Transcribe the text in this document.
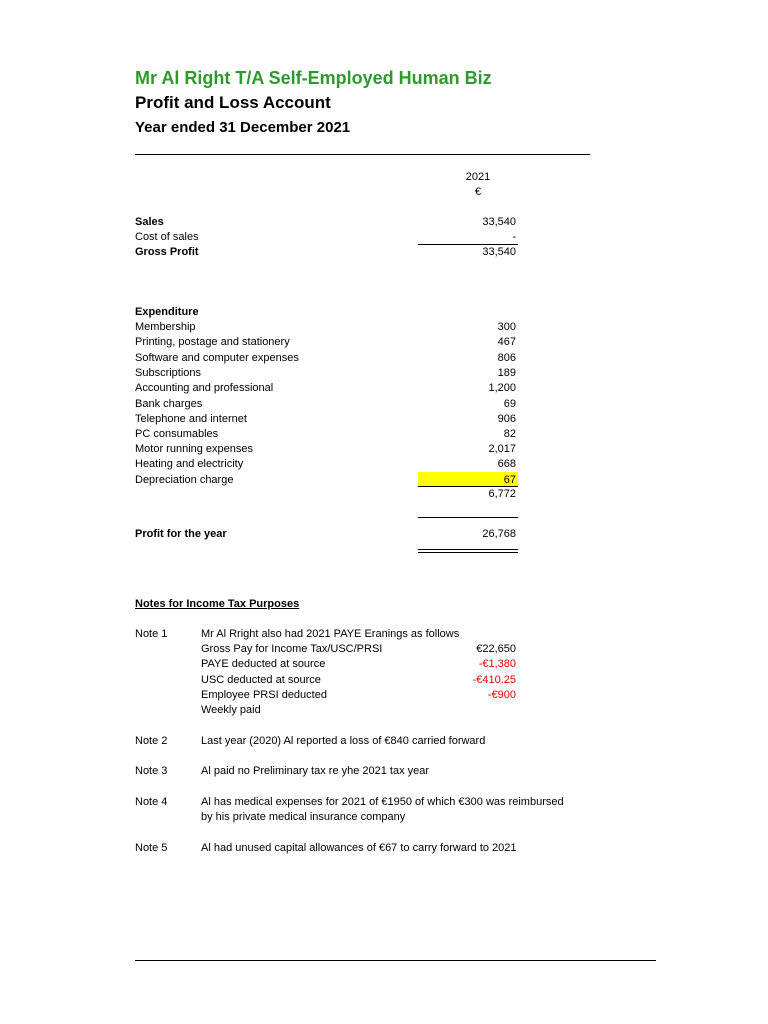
Mr Al Right T/A Self-Employed Human Biz
Profit and Loss Account
Year ended 31 December 2021
2021
€
Sales	33,540
Cost of sales	-
Gross Profit	33,540
Expenditure
Membership	300
Printing, postage and stationery	467
Software and computer expenses	806
Subscriptions	189
Accounting and professional	1,200
Bank charges	69
Telephone and internet	906
PC consumables	82
Motor running expenses	2,017
Heating and electricity	668
Depreciation charge	67
6,772
Profit for the year	26,768
Notes for Income Tax Purposes
Note 1	Mr Al Rright also had 2021 PAYE Eranings as follows
Gross Pay for Income Tax/USC/PRSI	€22,650
PAYE deducted at source	-€1,380
USC deducted at source	-€410.25
Employee PRSI deducted	-€900
Weekly paid
Note 2	Last year (2020) Al reported a loss of €840 carried forward
Note 3	Al paid no Preliminary tax re yhe 2021 tax year
Note 4	Al has medical expenses for 2021 of €1950 of which €300 was reimbursed
by his private medical insurance company
Note 5	Al had unused capital allowances of €67 to carry forward to 2021
